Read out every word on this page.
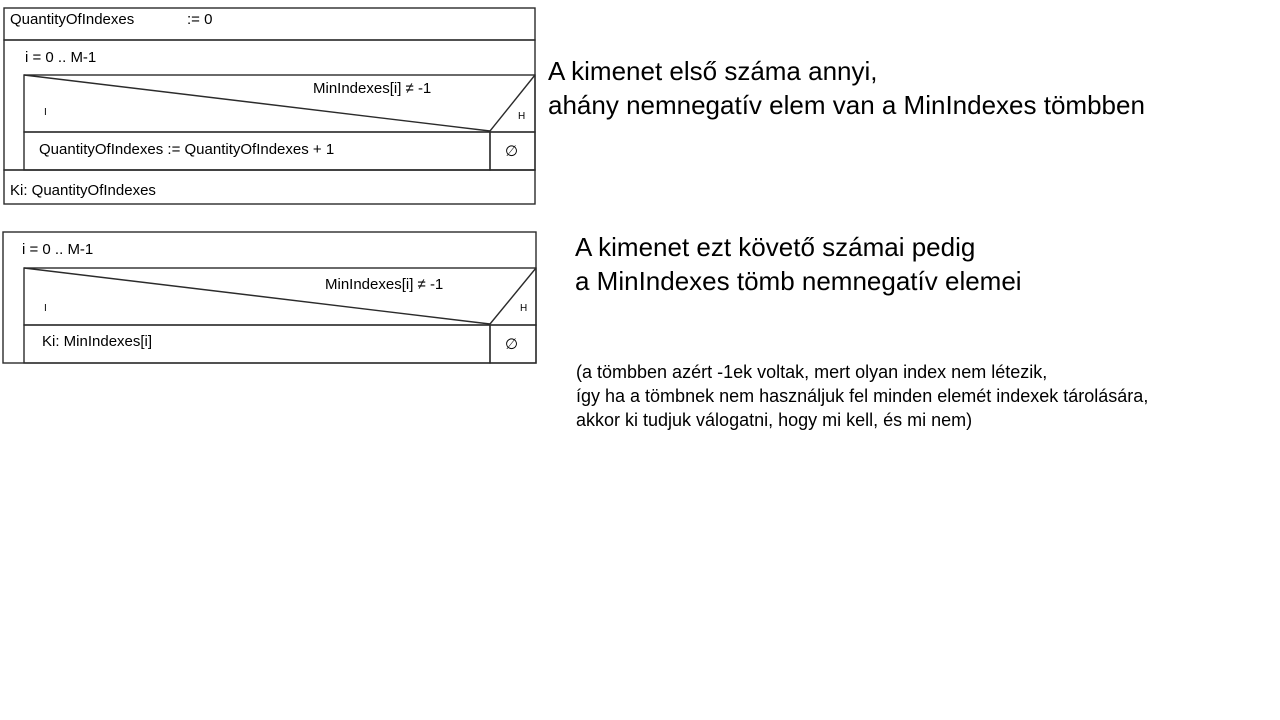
QuantityOfIndexes	:= 0
i = 0 .. M-1
MinIndexes[i] ≠ -1
I	H
QuantityOfIndexes := QuantityOfIndexes + 1	∅
Ki: QuantityOfIndexes
i = 0 .. M-1
MinIndexes[i] ≠ -1
I	H
Ki: MinIndexes[i]	∅
A kimenet első száma annyi,
ahány nemnegatív elem van a MinIndexes tömbben
A kimenet ezt követő számai pedig
a MinIndexes tömb nemnegatív elemei
(a tömbben azért -1ek voltak, mert olyan index nem létezik,
így ha a tömbnek nem használjuk fel minden elemét indexek tárolására,
akkor ki tudjuk válogatni, hogy mi kell, és mi nem)
